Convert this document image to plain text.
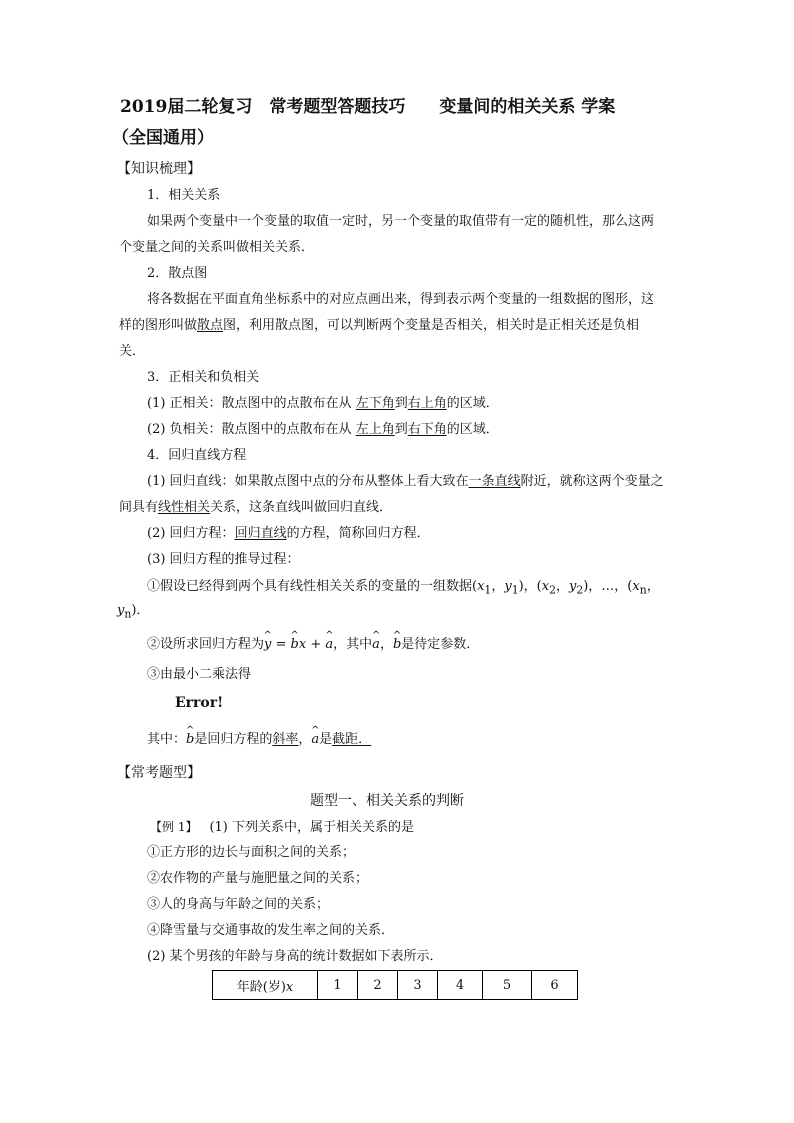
2019届二轮复习　常考题型答题技巧　　变量间的相关关系 学案
（全国通用）
【知识梳理】
1．相关关系
如果两个变量中一个变量的取值一定时，另一个变量的取值带有一定的随机性，那么这两
个变量之间的关系叫做相关关系．
2．散点图
将各数据在平面直角坐标系中的对应点画出来，得到表示两个变量的一组数据的图形，这
样的图形叫做散点图，利用散点图，可以判断两个变量是否相关，相关时是正相关还是负相
关．
3．正相关和负相关
(1) 正相关：散点图中的点散布在从 左下角到右上角的区域．
(2) 负相关：散点图中的点散布在从 左上角到右下角的区域．
4．回归直线方程
(1) 回归直线：如果散点图中点的分布从整体上看大致在一条直线附近，就称这两个变量之
间具有线性相关关系，这条直线叫做回归直线．
(2) 回归方程：回归直线的方程，简称回归方程．
(3) 回归方程的推导过程：
①假设已经得到两个具有线性相关关系的变量的一组数据($x_1$，$y_1$)，($x_2$，$y_2$)，…，($x_n$，
$y_n$)．
②设所求回归方程为^ y = ^ bx + ^ a，其中^ a，^ b是待定参数．
③由最小二乘法得
Error!
其中：^ b是回归方程的斜率，^ a是截距．
【常考题型】
题型一、相关关系的判断
【例 1】 (1) 下列关系中，属于相关关系的是
①正方形的边长与面积之间的关系；
②农作物的产量与施肥量之间的关系；
③人的身高与年龄之间的关系；
④降雪量与交通事故的发生率之间的关系．
(2) 某个男孩的年龄与身高的统计数据如下表所示．
年龄(岁)x	1	2	3	4	5	6
